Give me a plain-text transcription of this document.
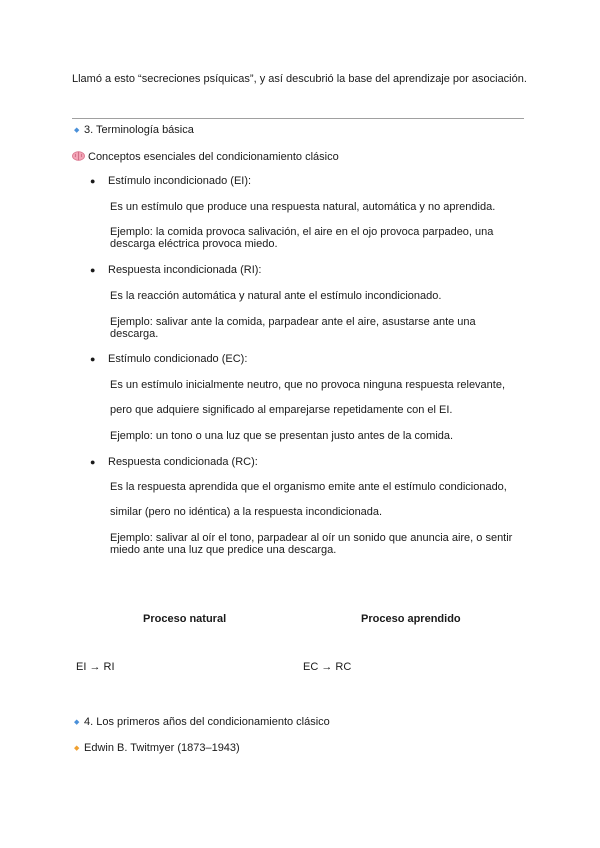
Llamó a esto “secreciones psíquicas”, y así descubrió la base del aprendizaje por asociación.

◆ 3. Terminología básica
Conceptos esenciales del condicionamiento clásico
● Estímulo incondicionado (EI):
Es un estímulo que produce una respuesta natural, automática y no aprendida.
Ejemplo: la comida provoca salivación, el aire en el ojo provoca parpadeo, una descarga eléctrica provoca miedo.
● Respuesta incondicionada (RI):
Es la reacción automática y natural ante el estímulo incondicionado.
Ejemplo: salivar ante la comida, parpadear ante el aire, asustarse ante una descarga.
● Estímulo condicionado (EC):
Es un estímulo inicialmente neutro, que no provoca ninguna respuesta relevante,
pero que adquiere significado al emparejarse repetidamente con el EI.
Ejemplo: un tono o una luz que se presentan justo antes de la comida.
● Respuesta condicionada (RC):
Es la respuesta aprendida que el organismo emite ante el estímulo condicionado,
similar (pero no idéntica) a la respuesta incondicionada.
Ejemplo: salivar al oír el tono, parpadear al oír un sonido que anuncia aire, o sentir miedo ante una luz que predice una descarga.
Proceso natural	Proceso aprendido
EI → RI	EC → RC
◆ 4. Los primeros años del condicionamiento clásico
◆ Edwin B. Twitmyer (1873–1943)
